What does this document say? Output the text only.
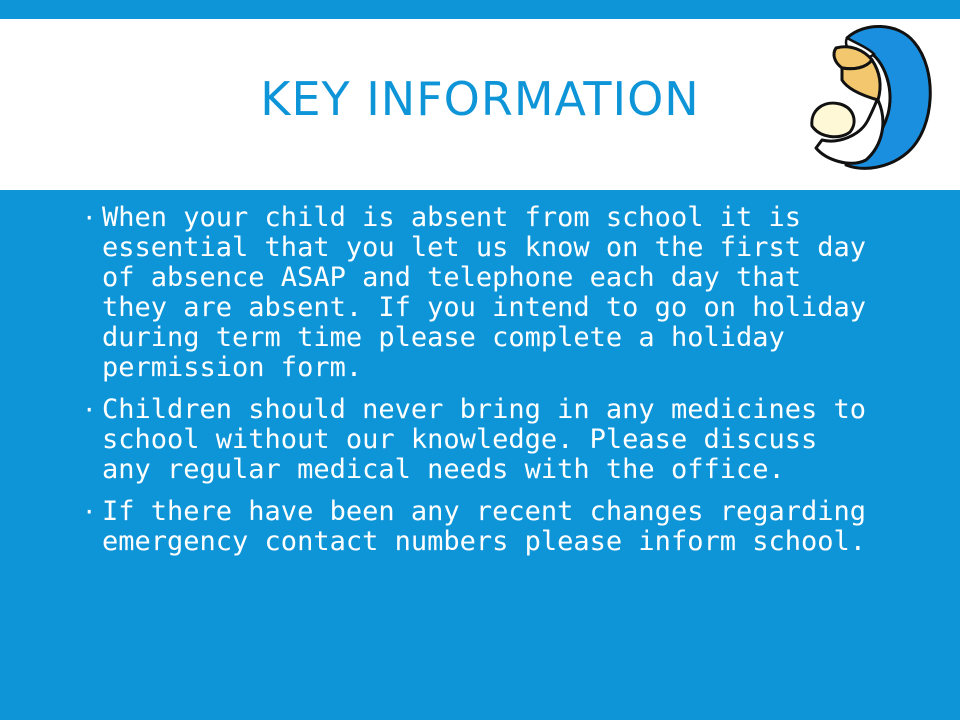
KEY INFORMATION
· When your child is absent from school it is essential that you let us know on the first day of absence ASAP and telephone each day that they are absent. If you intend to go on holiday during term time please complete a holiday permission form.
· Children should never bring in any medicines to school without our knowledge. Please discuss any regular medical needs with the office.
· If there have been any recent changes regarding emergency contact numbers please inform school.
